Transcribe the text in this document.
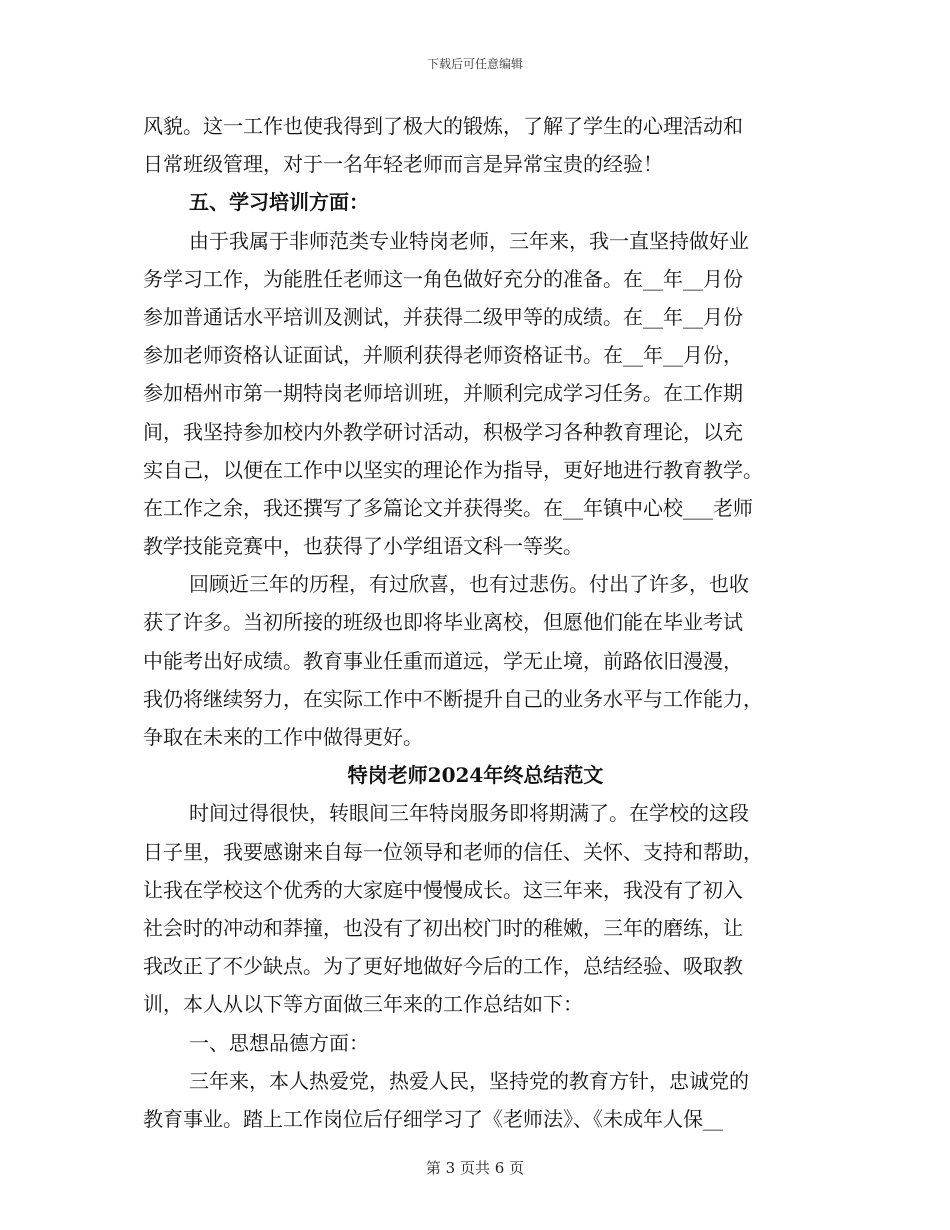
下载后可任意编辑
风貌。这一工作也使我得到了极大的锻炼，了解了学生的心理活动和
日常班级管理，对于一名年轻老师而言是异常宝贵的经验！
五、学习培训方面：
由于我属于非师范类专业特岗老师，三年来，我一直坚持做好业
务学习工作，为能胜任老师这一角色做好充分的准备。在__年__月份
参加普通话水平培训及测试，并获得二级甲等的成绩。在__年__月份
参加老师资格认证面试，并顺利获得老师资格证书。在__年__月份，
参加梧州市第一期特岗老师培训班，并顺利完成学习任务。在工作期
间，我坚持参加校内外教学研讨活动，积极学习各种教育理论，以充
实自己，以便在工作中以坚实的理论作为指导，更好地进行教育教学。
在工作之余，我还撰写了多篇论文并获得奖。在__年镇中心校___老师
教学技能竞赛中，也获得了小学组语文科一等奖。
回顾近三年的历程，有过欣喜，也有过悲伤。付出了许多，也收
获了许多。当初所接的班级也即将毕业离校，但愿他们能在毕业考试
中能考出好成绩。教育事业任重而道远，学无止境，前路依旧漫漫，
我仍将继续努力，在实际工作中不断提升自己的业务水平与工作能力，
争取在未来的工作中做得更好。
特岗老师2024年终总结范文
时间过得很快，转眼间三年特岗服务即将期满了。在学校的这段
日子里，我要感谢来自每一位领导和老师的信任、关怀、支持和帮助，
让我在学校这个优秀的大家庭中慢慢成长。这三年来，我没有了初入
社会时的冲动和莽撞，也没有了初出校门时的稚嫩，三年的磨练，让
我改正了不少缺点。为了更好地做好今后的工作，总结经验、吸取教
训，本人从以下等方面做三年来的工作总结如下：
一、思想品德方面：
三年来，本人热爱党，热爱人民，坚持党的教育方针，忠诚党的
教育事业。踏上工作岗位后仔细学习了《老师法》、《未成年人保__
第 3 页共 6 页
